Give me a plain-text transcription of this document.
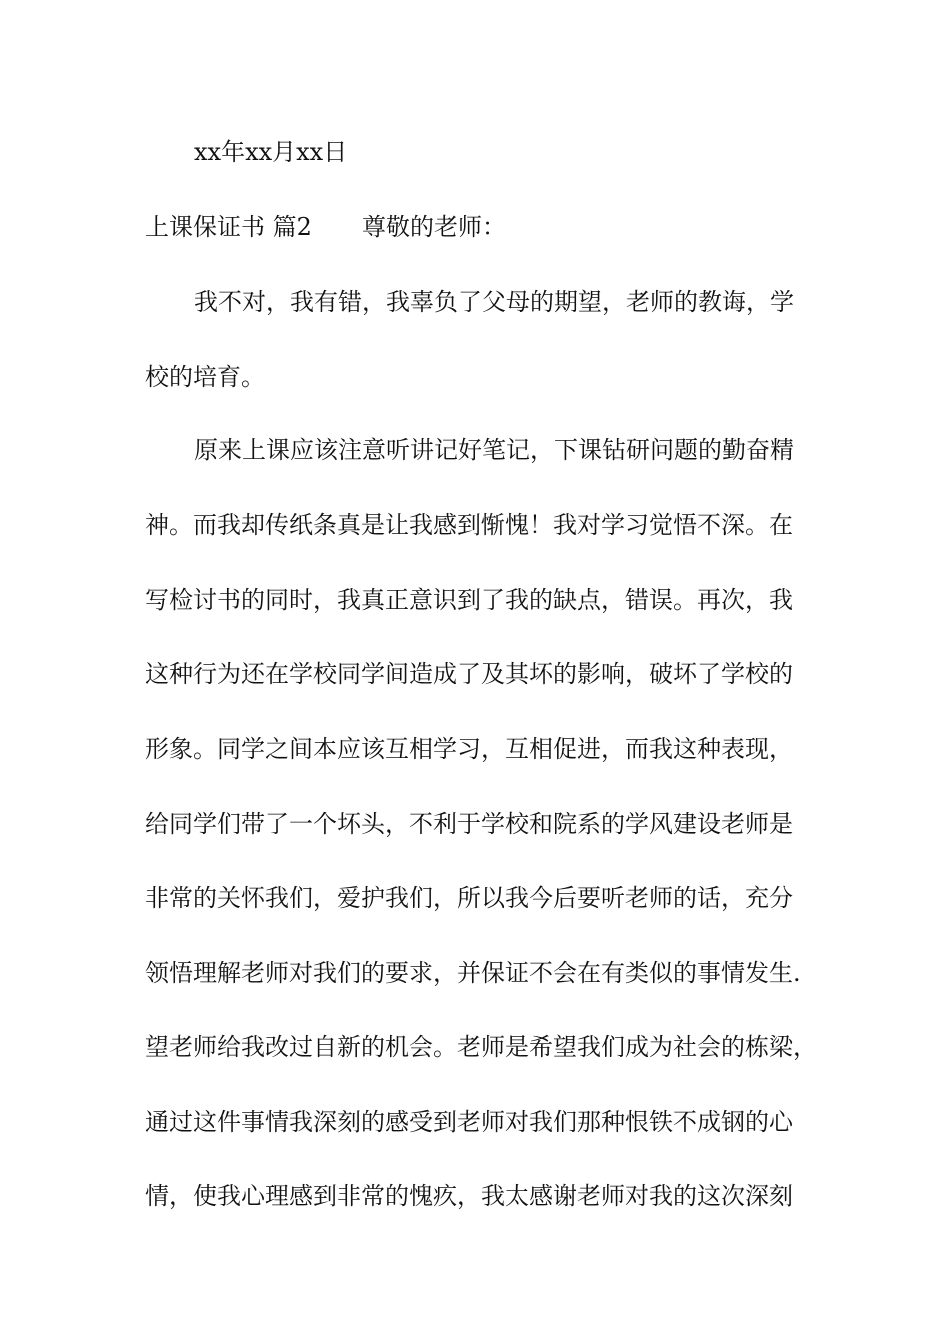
xx年xx月xx日
上课保证书 篇2 尊敬的老师：
我不对，我有错，我辜负了父母的期望，老师的教诲，学
校的培育。
原来上课应该注意听讲记好笔记，下课钻研问题的勤奋精
神。而我却传纸条真是让我感到惭愧！我对学习觉悟不深。在
写检讨书的同时，我真正意识到了我的缺点，错误。再次，我
这种行为还在学校同学间造成了及其坏的影响，破坏了学校的
形象。同学之间本应该互相学习，互相促进，而我这种表现，
给同学们带了一个坏头，不利于学校和院系的学风建设老师是
非常的关怀我们，爱护我们，所以我今后要听老师的话，充分
领悟理解老师对我们的要求，并保证不会在有类似的事情发生.
望老师给我改过自新的机会。老师是希望我们成为社会的栋梁，
通过这件事情我深刻的感受到老师对我们那种恨铁不成钢的心
情，使我心理感到非常的愧疚，我太感谢老师对我的这次深刻
